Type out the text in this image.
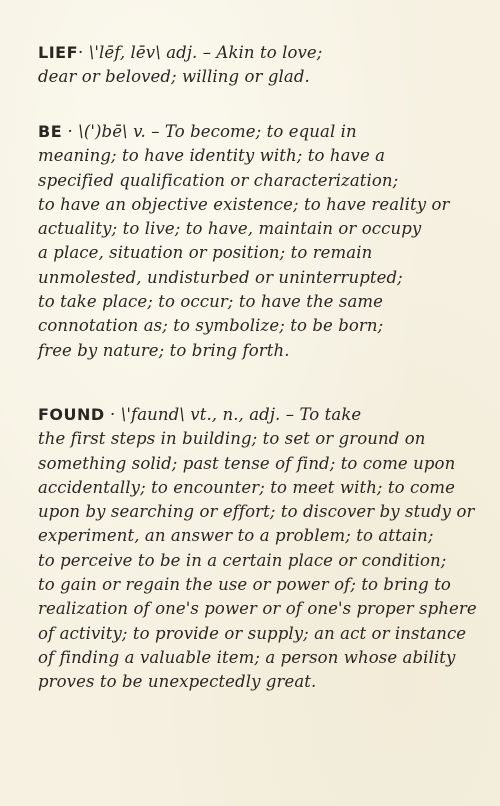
LIEF· \'lēf, lēv\ adj. – Akin to love;
dear or beloved; willing or glad.
BE · \(')bē\ v. – To become; to equal in
meaning; to have identity with; to have a
specified qualification or characterization;
to have an objective existence; to have reality or
actuality; to live; to have, maintain or occupy
a place, situation or position; to remain
unmolested, undisturbed or uninterrupted;
to take place; to occur; to have the same
connotation as; to symbolize; to be born;
free by nature; to bring forth.
FOUND · \'faund\ vt., n., adj. – To take
the first steps in building; to set or ground on
something solid; past tense of find; to come upon
accidentally; to encounter; to meet with; to come
upon by searching or effort; to discover by study or
experiment, an answer to a problem; to attain;
to perceive to be in a certain place or condition;
to gain or regain the use or power of; to bring to
realization of one's power or of one's proper sphere
of activity; to provide or supply; an act or instance
of finding a valuable item; a person whose ability
proves to be unexpectedly great.
